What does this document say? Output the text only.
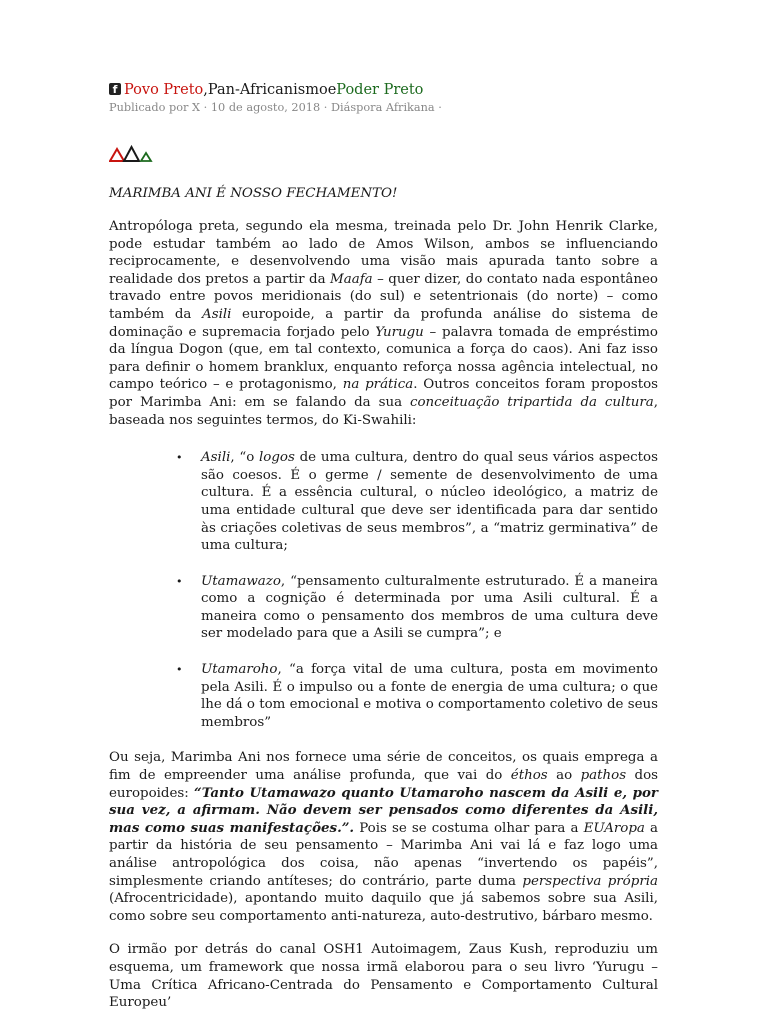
f Povo Preto , Pan-Africanismo e Poder Preto
Publicado por X · 10 de agosto, 2018 · Diáspora Afrikana ·
MARIMBA ANI É NOSSO FECHAMENTO!

Antropóloga preta, segundo ela mesma, treinada pelo Dr. John Henrik Clarke, pode estudar também ao lado de Amos Wilson, ambos se influenciando reciprocamente, e desenvolvendo uma visão mais apurada tanto sobre a realidade dos pretos a partir da Maafa – quer dizer, do contato nada espontâneo travado entre povos meridionais (do sul) e setentrionais (do norte) – como também da Asili europoide, a partir da profunda análise do sistema de dominação e supremacia forjado pelo Yurugu – palavra tomada de empréstimo da língua Dogon (que, em tal contexto, comunica a força do caos). Ani faz isso para definir o homem branklux, enquanto reforça nossa agência intelectual, no campo teórico – e protagonismo, na prática. Outros conceitos foram propostos por Marimba Ani: em se falando da sua conceituação tripartida da cultura, baseada nos seguintes termos, do Ki-Swahili:

• Asili, “o logos de uma cultura, dentro do qual seus vários aspectos são coesos. É o germe / semente de desenvolvimento de uma cultura. É a essência cultural, o núcleo ideológico, a matriz de uma entidade cultural que deve ser identificada para dar sentido às criações coletivas de seus membros”, a “matriz germinativa” de uma cultura;
• Utamawazo, “pensamento culturalmente estruturado. É a maneira como a cognição é determinada por uma Asili cultural. É a maneira como o pensamento dos membros de uma cultura deve ser modelado para que a Asili se cumpra”; e
• Utamaroho, “a força vital de uma cultura, posta em movimento pela Asili. É o impulso ou a fonte de energia de uma cultura; o que lhe dá o tom emocional e motiva o comportamento coletivo de seus membros”

Ou seja, Marimba Ani nos fornece uma série de conceitos, os quais emprega a fim de empreender uma análise profunda, que vai do éthos ao pathos dos europoides: “Tanto Utamawazo quanto Utamaroho nascem da Asili e, por sua vez, a afirmam. Não devem ser pensados como diferentes da Asili, mas como suas manifestações.”. Pois se se costuma olhar para a EUAropa a partir da história de seu pensamento – Marimba Ani vai lá e faz logo uma análise antropológica dos coisa, não apenas “invertendo os papéis”, simplesmente criando antíteses; do contrário, parte duma perspectiva própria (Afrocentricidade), apontando muito daquilo que já sabemos sobre sua Asili, como sobre seu comportamento anti-natureza, auto-destrutivo, bárbaro mesmo.

O irmão por detrás do canal OSH1 Autoimagem, Zaus Kush, reproduziu um esquema, um framework que nossa irmã elaborou para o seu livro ‘Yurugu – Uma Crítica Africano-Centrada do Pensamento e Comportamento Cultural Europeu’
